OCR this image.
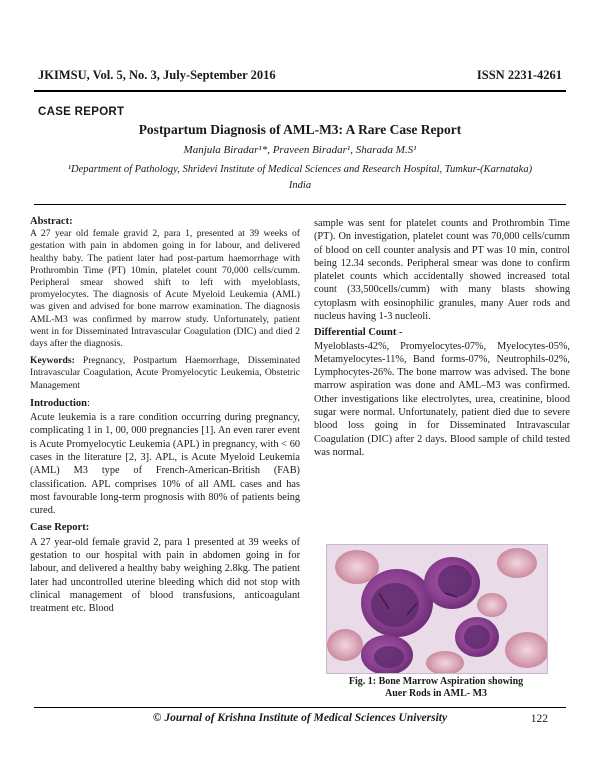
JKIMSU, Vol. 5, No. 3, July-September 2016	ISSN 2231-4261
CASE REPORT
Postpartum Diagnosis of AML-M3: A Rare Case Report
Manjula Biradar¹*, Praveen Biradar¹, Sharada M.S¹
¹Department of Pathology, Shridevi Institute of Medical Sciences and Research Hospital, Tumkur-(Karnataka) India
Abstract:

A 27 year old female gravid 2, para 1, presented at 39 weeks of gestation with pain in abdomen going in for labour, and delivered healthy baby. The patient later had post-partum haemorrhage with Prothrombin Time (PT) 10min, platelet count 70,000 cells/cumm. Peripheral smear showed shift to left with myeloblasts, promyelocytes. The diagnosis of Acute Myeloid Leukemia (AML) was given and advised for bone marrow examination. The diagnosis AML-M3 was confirmed by marrow study. Unfortunately, patient went in for Disseminated Intravascular Coagulation (DIC) and died 2 days after the diagnosis.

Keywords: Pregnancy, Postpartum Haemorrhage, Disseminated Intravascular Coagulation, Acute Promyelocytic Leukemia, Obstetric Management

Introduction:

Acute leukemia is a rare condition occurring during pregnancy, complicating 1 in 1, 00, 000 pregnancies [1]. An even rarer event is Acute Promyelocytic Leukemia (APL) in pregnancy, with < 60 cases in the literature [2, 3]. APL, is Acute Myeloid Leukemia (AML) M3 type of French-American-British (FAB) classification. APL comprises 10% of all AML cases and has most favourable long-term prognosis with 80% of patients being cured.

Case Report:

A 27 year-old female gravid 2, para 1 presented at 39 weeks of gestation to our hospital with pain in abdomen going in for labour, and delivered a healthy baby weighing 2.8kg. The patient later had uncontrolled uterine bleeding which did not stop with clinical management of blood transfusions, anticoagulant treatment etc. Blood

sample was sent for platelet counts and Prothrombin Time (PT). On investigation, platelet count was 70,000 cells/cumm of blood on cell counter analysis and PT was 10 min, control being 12.34 seconds. Peripheral smear was done to confirm platelet counts which accidentally showed increased total count (33,500cells/cumm) with many blasts showing cytoplasm with eosinophilic granules, many Auer rods and nucleus having 1-3 nucleoli.

Differential Count -

Myeloblasts-42%, Promyelocytes-07%, Myelocytes-05%, Metamyelocytes-11%, Band forms-07%, Neutrophils-02%, Lymphocytes-26%. The bone marrow was advised. The bone marrow aspiration was done and AML–M3 was confirmed. Other investigations like electrolytes, urea, creatinine, blood sugar were normal. Unfortunately, patient died due to severe blood loss going in for Disseminated Intravascular Coagulation (DIC) after 2 days. Blood sample of child tested was normal.

Fig. 1: Bone Marrow Aspiration showing
Auer Rods in AML- M3
© Journal of Krishna Institute of Medical Sciences University	122
